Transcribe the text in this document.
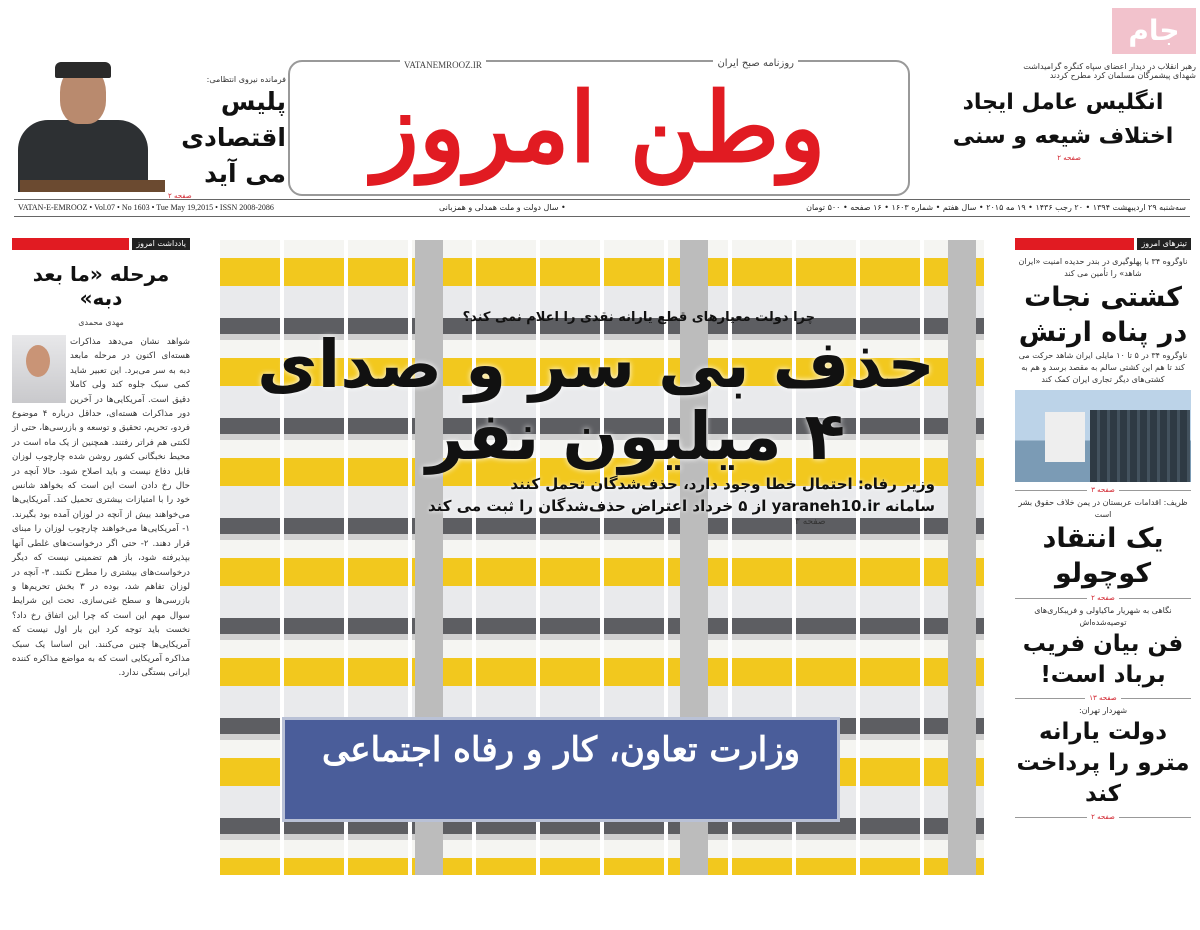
فرمانده نیروی انتظامی:
پلیس اقتصادی می آید
صفحه ۲
VATANEMROOZ.IR	روزنامه صبح ایران
وطن امروز
جام
رهبر انقلاب در دیدار اعضای سپاه کنگره گرامیداشت شهدای پیشمرگان مسلمان کرد مطرح کردند
انگلیس عامل ایجاد اختلاف شیعه و سنی
صفحه ۲
VATAN-E-EMROOZ • Vol.07 • No 1603 • Tue May 19,2015 • ISSN 2008-2086	• سال دولت و ملت همدلی و همزبانی	سه‌شنبه ۲۹ اردیبهشت ۱۳۹۴ • ۲۰ رجب ۱۴۳۶ • ۱۹ مه ۲۰۱۵ • سال هفتم • شماره ۱۶۰۳ • ۱۶ صفحه • ۵۰۰ تومان
یادداشت امروز
مرحله «ما بعد دبه»
مهدی محمدی
شواهد نشان می‌دهد مذاکرات هسته‌ای اکنون در مرحله مابعد دبه به سر می‌برد. این تعبیر شاید کمی سبک جلوه کند ولی کاملا دقیق است. آمریکایی‌ها در آخرین دور مذاکرات هسته‌ای، حداقل درباره ۴ موضوع فردو، تحریم، تحقیق و توسعه و بازرسی‌ها، حتی از لکنتی هم فراتر رفتند. همچنین از یک ماه است در محیط نخبگانی کشور روشن شده چارچوب لوزان قابل دفاع نیست و باید اصلاح شود. حالا آنچه در حال رخ دادن است این است که بخواهد شانس خود را با امتیازات بیشتری تحمیل کند. آمریکایی‌ها می‌خواهند بیش از آنچه در لوزان آمده بود بگیرند. ۱- آمریکایی‌ها می‌خواهند چارچوب لوزان را مبنای قرار دهند. ۲- حتی اگر درخواست‌های غلطی آنها بپذیرفته شود، باز هم تضمینی نیست که دیگر درخواست‌های بیشتری را مطرح نکنند. ۳- آنچه در لوزان تفاهم شد، بوده در ۳ بخش تحریم‌ها و بازرسی‌ها و سطح غنی‌سازی. تحت این شرایط سوال مهم این است که چرا این اتفاق رخ داد؟ نخست باید توجه کرد این بار اول نیست که آمریکایی‌ها چنین می‌کنند. این اساسا یک سبک مذاکره آمریکایی است که به مواضع مذاکره کننده ایرانی بستگی ندارد.
چرا دولت معیارهای قطع یارانه نقدی را اعلام نمی کند؟
حذف بی سر و صدای
۴ میلیون نفر
وزیر رفاه: احتمال خطا وجود دارد، حذف‌شدگان تحمل کنند
سامانه yaraneh10.ir از ۵ خرداد اعتراض حذف‌شدگان را ثبت می کند
صفحه ۳
وزارت تعاون، کار و رفاه اجتماعی
تیترهای امروز
ناوگروه ۳۴ با پهلوگیری در بندر حدیده امنیت «ایران شاهد» را تأمین می کند
کشتی نجات در پناه ارتش
ناوگروه ۳۴ در ۵ تا ۱۰ مایلی ایران شاهد حرکت می کند تا هم این کشتی سالم به مقصد برسد و هم به کشتی‌های دیگر تجاری ایران کمک کند
صفحه ۳
ظریف: اقدامات عربستان در یمن خلاف حقوق بشر است
یک انتقاد کوچولو
صفحه ۲
نگاهی به شهریار ماکیاولی و فریبکاری‌های توصیه‌شده‌اش
فن بیان فریب برباد است!
صفحه ۱۳
شهردار تهران:
دولت یارانه مترو را پرداخت کند
صفحه ۲
